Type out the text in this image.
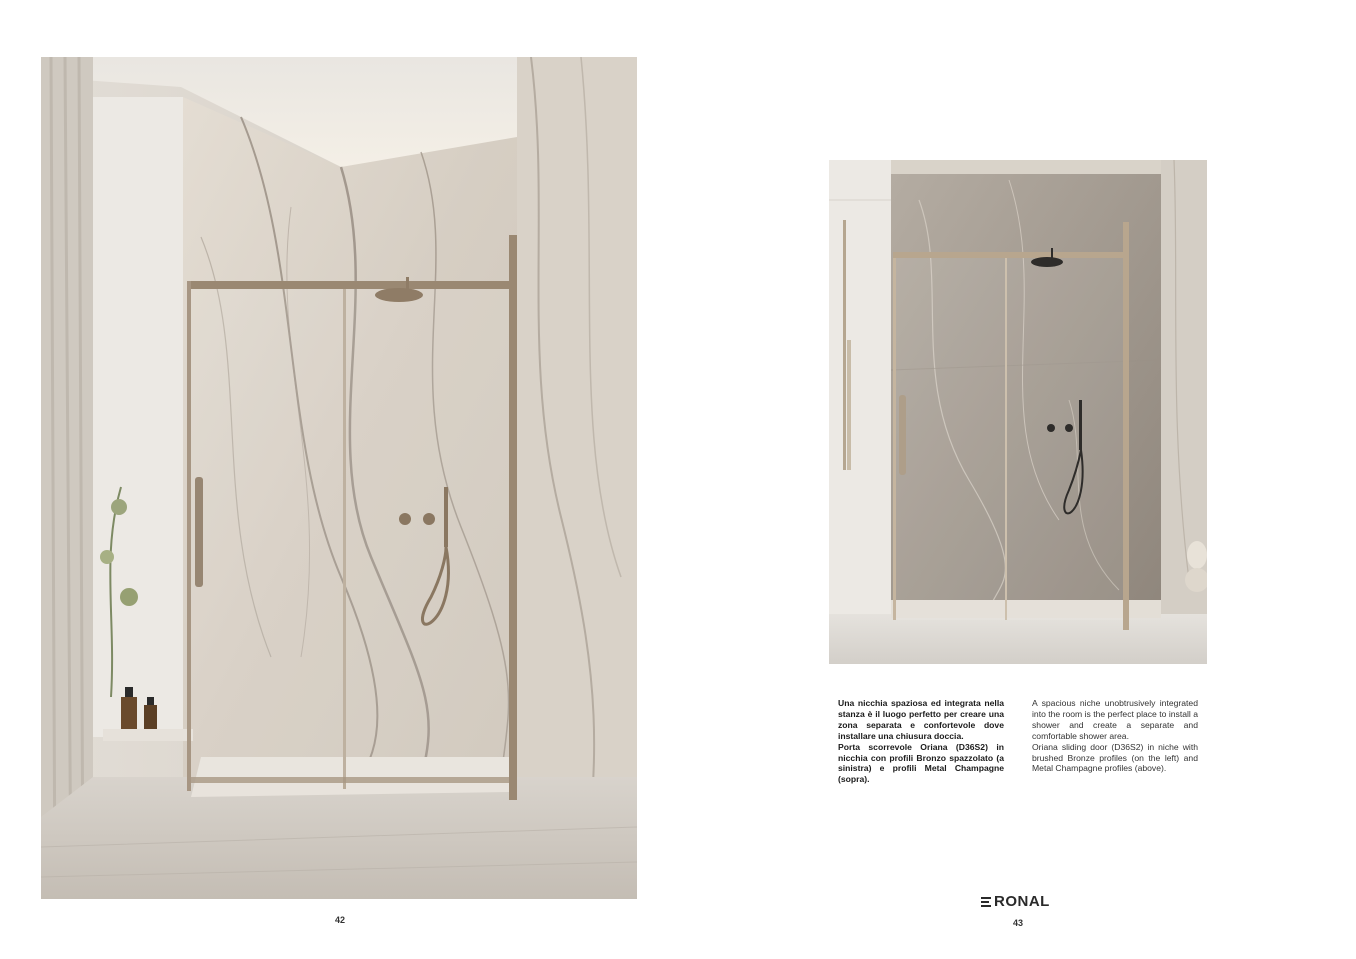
Una nicchia spaziosa ed integrata nella stanza è il luogo perfetto per creare una zona separata e confortevole dove installare una chiusura doccia.

Porta scorrevole Oriana (D36S2) in nicchia con profili Bronzo spazzolato (a sinistra) e profili Metal Champagne (sopra).

A spacious niche unobtrusively integrated into the room is the perfect place to install a shower and create a separate and comfortable shower area.

Oriana sliding door (D36S2) in niche with brushed Bronze profiles (on the left) and Metal Champagne profiles (above).

RONAL
42	43
